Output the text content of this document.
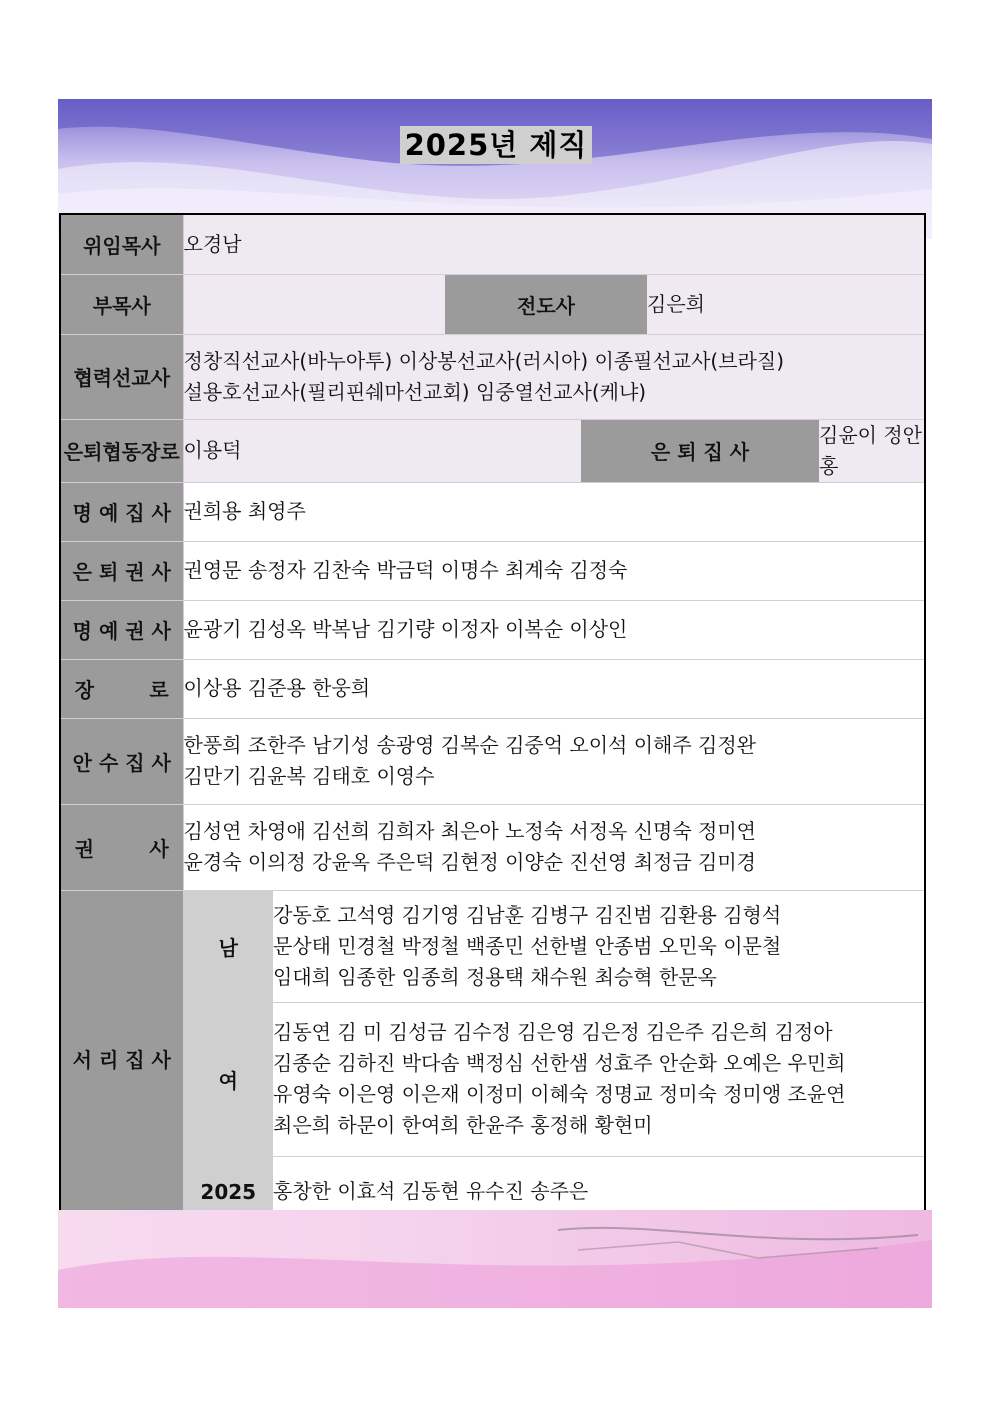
2025년 제직
위임목사	오경남					
부목사			전도사		김은희	
협력선교사	정창직선교사(바누아투) 이상봉선교사(러시아) 이종필선교사(브라질)
설용호선교사(필리핀쉐마선교회) 임중열선교사(케냐)					

은퇴협동장로	이용덕			은 퇴 집 사		김윤이 정안홍
명 예 집 사	권희용 최영주					
은 퇴 권 사	권영문 송정자 김찬숙 박금덕 이명수 최계숙 김정숙					
명 예 권 사	윤광기 김성옥 박복남 김기량 이정자 이복순 이상인					
장 로	이상용 김준용 한웅희					
안 수 집 사	한풍희 조한주 남기성 송광영 김복순 김중억 오이석 이해주 김정완
김만기 김윤복 김태호 이영수					

권 사	김성연 차영애 김선희 김희자 최은아 노정숙 서정옥 신명숙 정미연
윤경숙 이의정 강윤옥 주은덕 김현정 이양순 진선영 최정금 김미경					

서 리 집 사	남	강동호 고석영 김기영 김남훈 김병구 김진범 김환용 김형석
문상태 민경철 박정철 백종민 선한별 안종범 오민욱 이문철
임대희 임종한 임종희 정용택 채수원 최승혁 한문옥				

	여	김동연 김 미 김성금 김수정 김은영 김은정 김은주 김은희 김정아
김종순 김하진 박다솜 백정심 선한샘 성효주 안순화 오예은 우민희
유영숙 이은영 이은재 이정미 이혜숙 정명교 정미숙 정미앵 조윤연
최은희 하문이 한여희 한윤주 홍정해 황현미				

	2025	홍창한 이효석 김동현 유수진 송주은				
